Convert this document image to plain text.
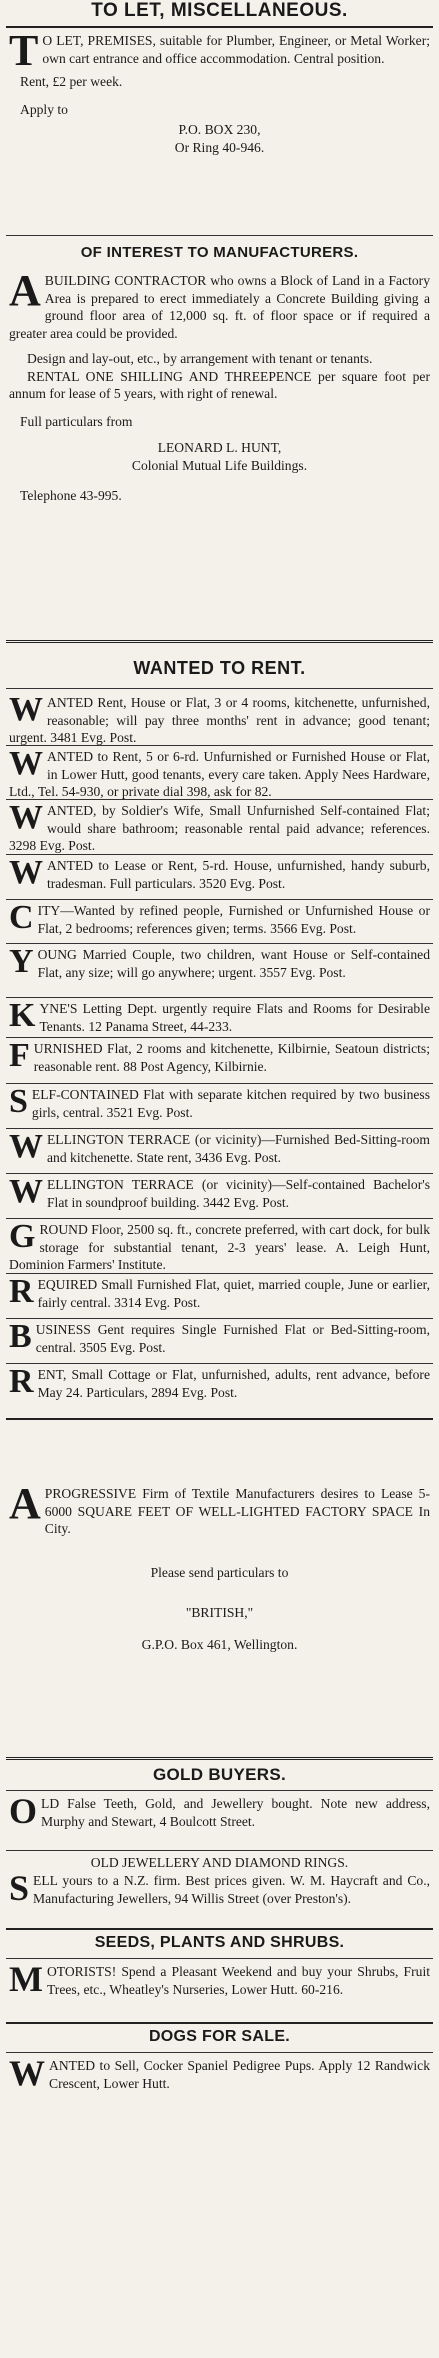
TO LET, MISCELLANEOUS.
T O LET, PREMISES, suitable for Plumber, Engineer, or Metal Worker; own cart entrance and office accommodation. Central position.
Rent, £2 per week.
Apply to
P.O. BOX 230,
Or Ring 40-946.
OF INTEREST TO MANUFACTURERS.
ABUILDING CONTRACTOR who owns a Block of Land in a Factory Area is prepared to erect immediately a Concrete Building giving a ground floor area of 12,000 sq. ft. of floor space or if required a greater area could be provided.
Design and lay-out, etc., by arrangement with tenant or tenants.
RENTAL ONE SHILLING AND THREEPENCE per square foot per annum for lease of 5 years, with right of renewal.
Full particulars from
LEONARD L. HUNT,
Colonial Mutual Life Buildings.
Telephone 43-995.
WANTED TO RENT.
WANTED Rent, House or Flat, 3 or 4 rooms, kitchenette, unfurnished, reasonable; will pay three months' rent in advance; good tenant; urgent. 3481 Evg. Post.
WANTED to Rent, 5 or 6-rd. Unfurnished or Furnished House or Flat, in Lower Hutt, good tenants, every care taken. Apply Nees Hardware, Ltd., Tel. 54-930, or private dial 398, ask for 82.
WANTED, by Soldier's Wife, Small Unfurnished Self-contained Flat; would share bathroom; reasonable rental paid advance; references. 3298 Evg. Post.
WANTED to Lease or Rent, 5-rd. House, unfurnished, handy suburb, tradesman. Full particulars. 3520 Evg. Post.
CITY—Wanted by refined people, Furnished or Unfurnished House or Flat, 2 bedrooms; references given; terms. 3566 Evg. Post.
YOUNG Married Couple, two children, want House or Self-contained Flat, any size; will go anywhere; urgent. 3557 Evg. Post.
KYNE'S Letting Dept. urgently require Flats and Rooms for Desirable Tenants. 12 Panama Street, 44-233.
FURNISHED Flat, 2 rooms and kitchenette, Kilbirnie, Seatoun districts; reasonable rent. 88 Post Agency, Kilbirnie.
SELF-CONTAINED Flat with separate kitchen required by two business girls, central. 3521 Evg. Post.
WELLINGTON TERRACE (or vicinity)—Furnished Bed-Sitting-room and kitchenette. State rent, 3436 Evg. Post.
WELLINGTON TERRACE (or vicinity)—Self-contained Bachelor's Flat in soundproof building. 3442 Evg. Post.
GROUND Floor, 2500 sq. ft., concrete preferred, with cart dock, for bulk storage for substantial tenant, 2-3 years' lease. A. Leigh Hunt, Dominion Farmers' Institute.
REQUIRED Small Furnished Flat, quiet, married couple, June or earlier, fairly central. 3314 Evg. Post.
BUSINESS Gent requires Single Furnished Flat or Bed-Sitting-room, central. 3505 Evg. Post.
RENT, Small Cottage or Flat, unfurnished, adults, rent advance, before May 24. Particulars, 2894 Evg. Post.
APROGRESSIVE Firm of Textile Manufacturers desires to Lease 5-6000 SQUARE FEET OF WELL-LIGHTED FACTORY SPACE In City.
Please send particulars to
"BRITISH,"
G.P.O. Box 461, Wellington.
GOLD BUYERS.
OLD False Teeth, Gold, and Jewellery bought. Note new address, Murphy and Stewart, 4 Boulcott Street.
OLD JEWELLERY AND DIAMOND RINGS.
SELL yours to a N.Z. firm. Best prices given. W. M. Haycraft and Co., Manufacturing Jewellers, 94 Willis Street (over Preston's).
SEEDS, PLANTS AND SHRUBS.
MOTORISTS! Spend a Pleasant Weekend and buy your Shrubs, Fruit Trees, etc., Wheatley's Nurseries, Lower Hutt. 60-216.
DOGS FOR SALE.
WANTED to Sell, Cocker Spaniel Pedigree Pups. Apply 12 Randwick Crescent, Lower Hutt.
